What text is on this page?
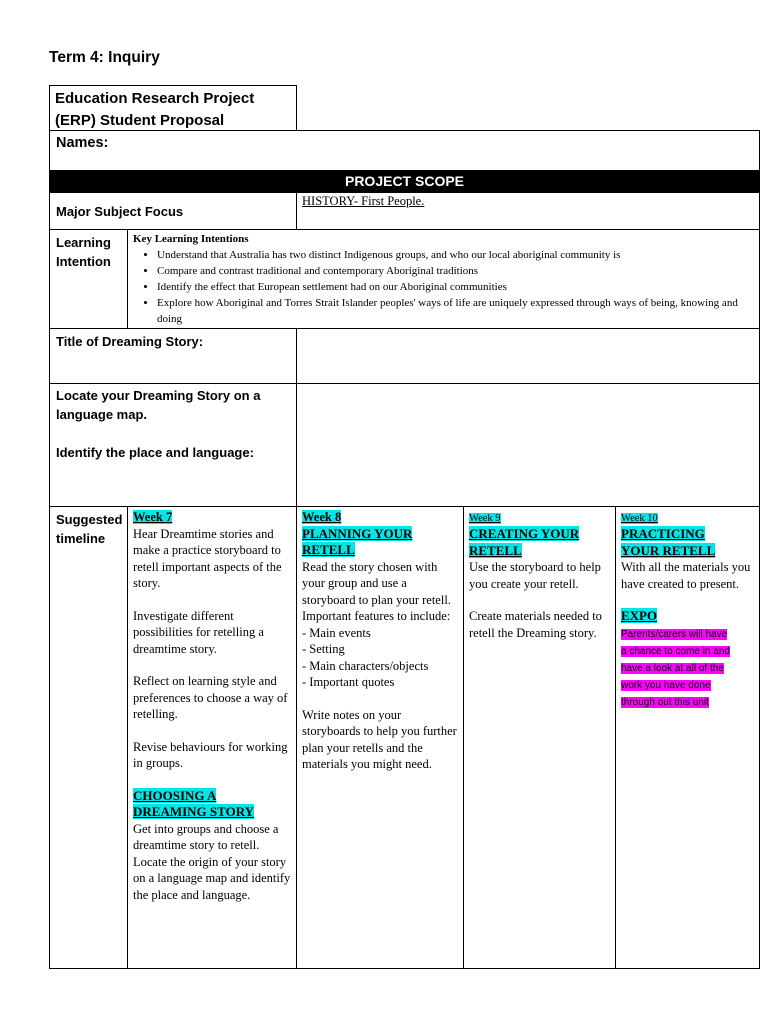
Term 4: Inquiry
Education Research Project
(ERP) Student Proposal
Names:
PROJECT SCOPE
Major Subject Focus
HISTORY- First People.
Learning
Intention
Key Learning Intentions
• Understand that Australia has two distinct Indigenous groups, and who our local aboriginal community is
• Compare and contrast traditional and contemporary Aboriginal traditions
• Identify the effect that European settlement had on our Aboriginal communities
• Explore how Aboriginal and Torres Strait Islander peoples' ways of life are uniquely expressed through ways of being, knowing and doing
Title of Dreaming Story:
Locate your Dreaming Story on a
language map.
Identify the place and language:
Suggested
timeline
Week 7

Hear Dreamtime stories and make a practice storyboard to retell important aspects of the story.

Investigate different possibilities for retelling a dreamtime story.

Reflect on learning style and preferences to choose a way of retelling.

Revise behaviours for working in groups.

CHOOSING A DREAMING STORY

Get into groups and choose a dreamtime story to retell. Locate the origin of your story on a language map and identify the place and language.

Week 8
PLANNING YOUR RETELL

Read the story chosen with your group and use a storyboard to plan your retell. Important features to include:

- Main events
- Setting
- Main characters/objects
- Important quotes

Write notes on your storyboards to help you further plan your retells and the materials you might need.

Week 9
CREATING YOUR RETELL

Use the storyboard to help you create your retell.

Create materials needed to retell the Dreaming story.

Week 10
PRACTICING YOUR RETELL

With all the materials you have created to present.

EXPO
Parents/carers will have a chance to come in and have a look at all of the work you have done through out this unit
